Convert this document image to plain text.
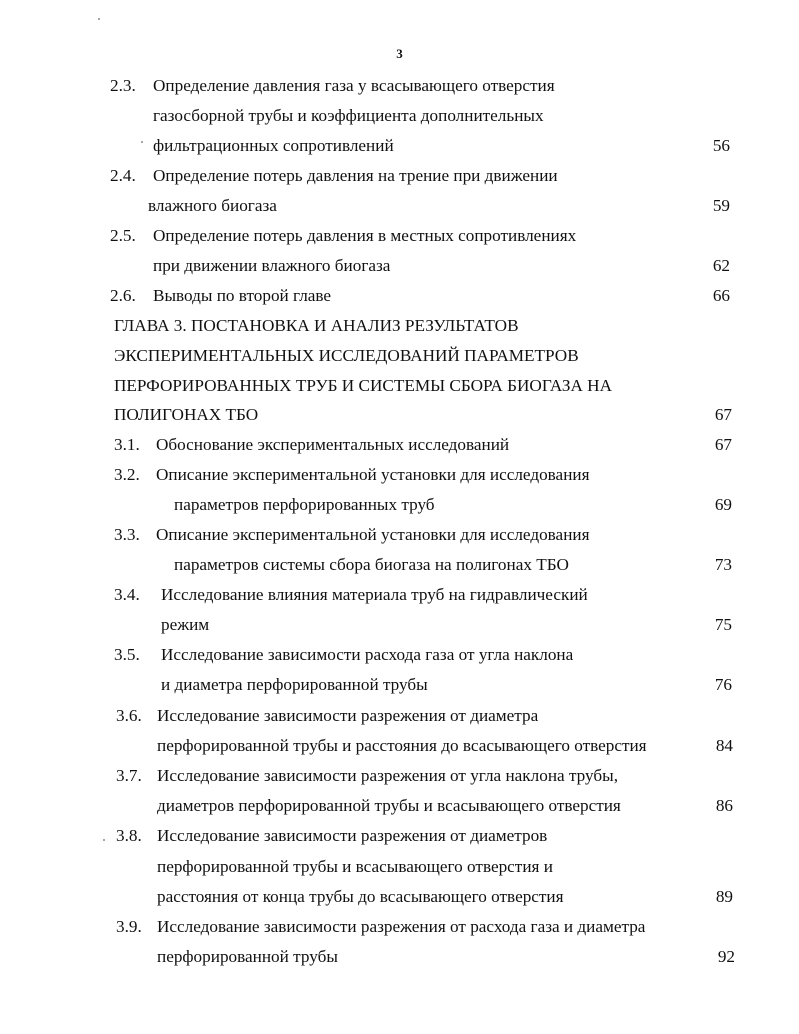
3
2.3. Определение давления газа у всасывающего отверстия
газосборной трубы и коэффициента дополнительных
фильтрационных сопротивлений	56
2.4. Определение потерь давления на трение при движении
влажного биогаза	59
2.5. Определение потерь давления в местных сопротивлениях
при движении влажного биогаза	62
2.6. Выводы по второй главе	66
ГЛАВА 3. ПОСТАНОВКА И АНАЛИЗ РЕЗУЛЬТАТОВ
ЭКСПЕРИМЕНТАЛЬНЫХ ИССЛЕДОВАНИЙ ПАРАМЕТРОВ
ПЕРФОРИРОВАННЫХ ТРУБ И СИСТЕМЫ СБОРА БИОГАЗА НА
ПОЛИГОНАХ ТБО	67
3.1. Обоснование экспериментальных исследований	67
3.2. Описание экспериментальной установки для исследования
параметров перфорированных труб	69
3.3. Описание экспериментальной установки для исследования
параметров системы сбора биогаза на полигонах ТБО	73
3.4. Исследование влияния материала труб на гидравлический
режим	75
3.5. Исследование зависимости расхода газа от угла наклона
и диаметра перфорированной трубы	76
3.6. Исследование зависимости разрежения от диаметра
перфорированной трубы и расстояния до всасывающего отверстия	84
3.7. Исследование зависимости разрежения от угла наклона трубы,
диаметров перфорированной трубы и всасывающего отверстия	86
3.8. Исследование зависимости разрежения от диаметров
перфорированной трубы и всасывающего отверстия и
расстояния от конца трубы до всасывающего отверстия	89
3.9. Исследование зависимости разрежения от расхода газа и диаметра
перфорированной трубы	92
